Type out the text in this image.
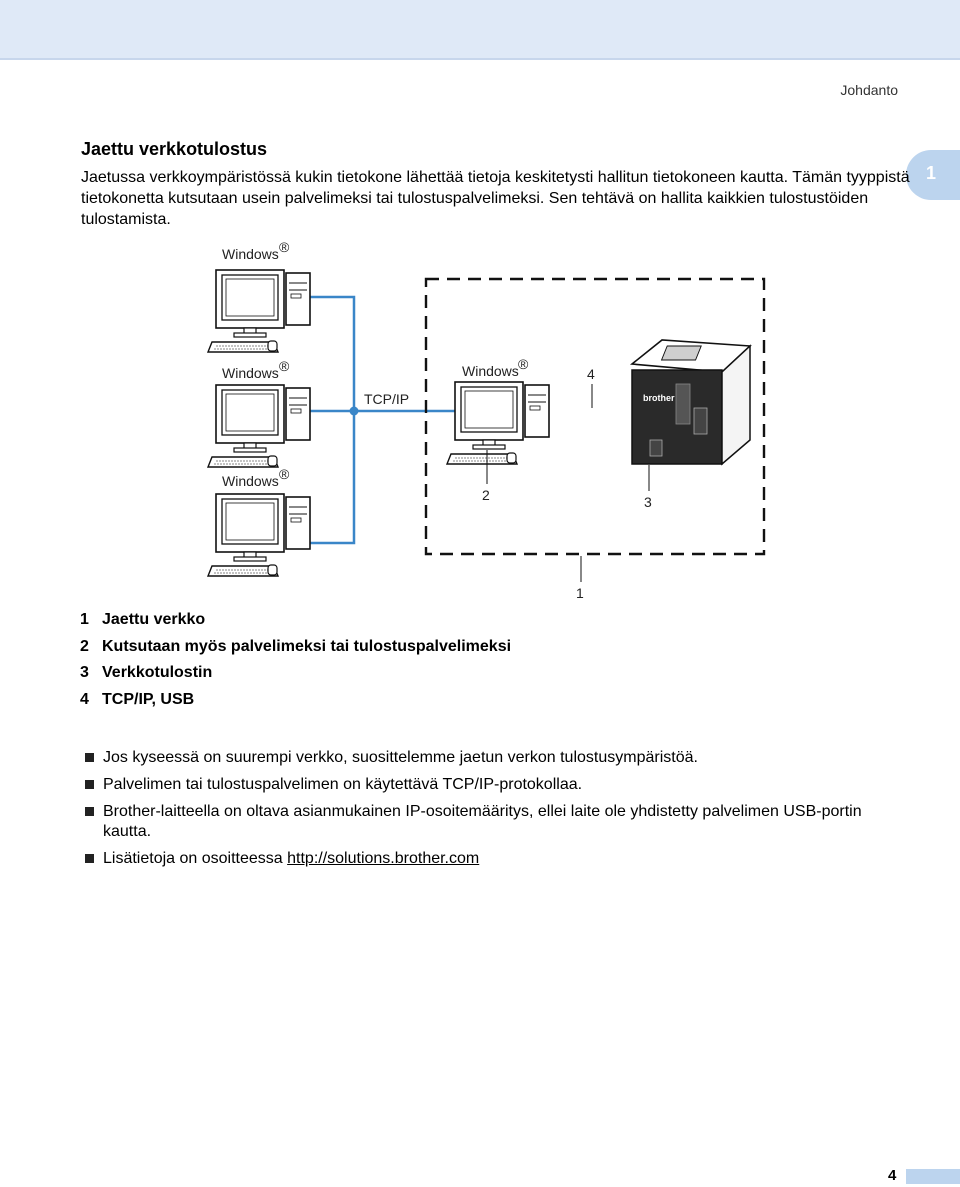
Johdanto
1
Jaettu verkkotulostus

Jaetussa verkkoympäristössä kukin tietokone lähettää tietoja keskitetysti hallitun tietokoneen kautta. Tämän tyyppistä tietokonetta kutsutaan usein palvelimeksi tai tulostuspalvelimeksi. Sen tehtävä on hallita kaikkien tulostustöiden tulostamista.

brother
Windows ®
Windows ®
Windows ®
Windows ®
TCP/IP
1
2	3
4
1 Jaettu verkko
2 Kutsutaan myös palvelimeksi tai tulostuspalvelimeksi
3 Verkkotulostin
4 TCP/IP, USB
Jos kyseessä on suurempi verkko, suosittelemme jaetun verkon tulostusympäristöä.
Palvelimen tai tulostuspalvelimen on käytettävä TCP/IP-protokollaa.
Brother-laitteella on oltava asianmukainen IP-osoitemääritys, ellei laite ole yhdistetty palvelimen USB-portin kautta.
Lisätietoja on osoitteessa http://solutions.brother.com
4
